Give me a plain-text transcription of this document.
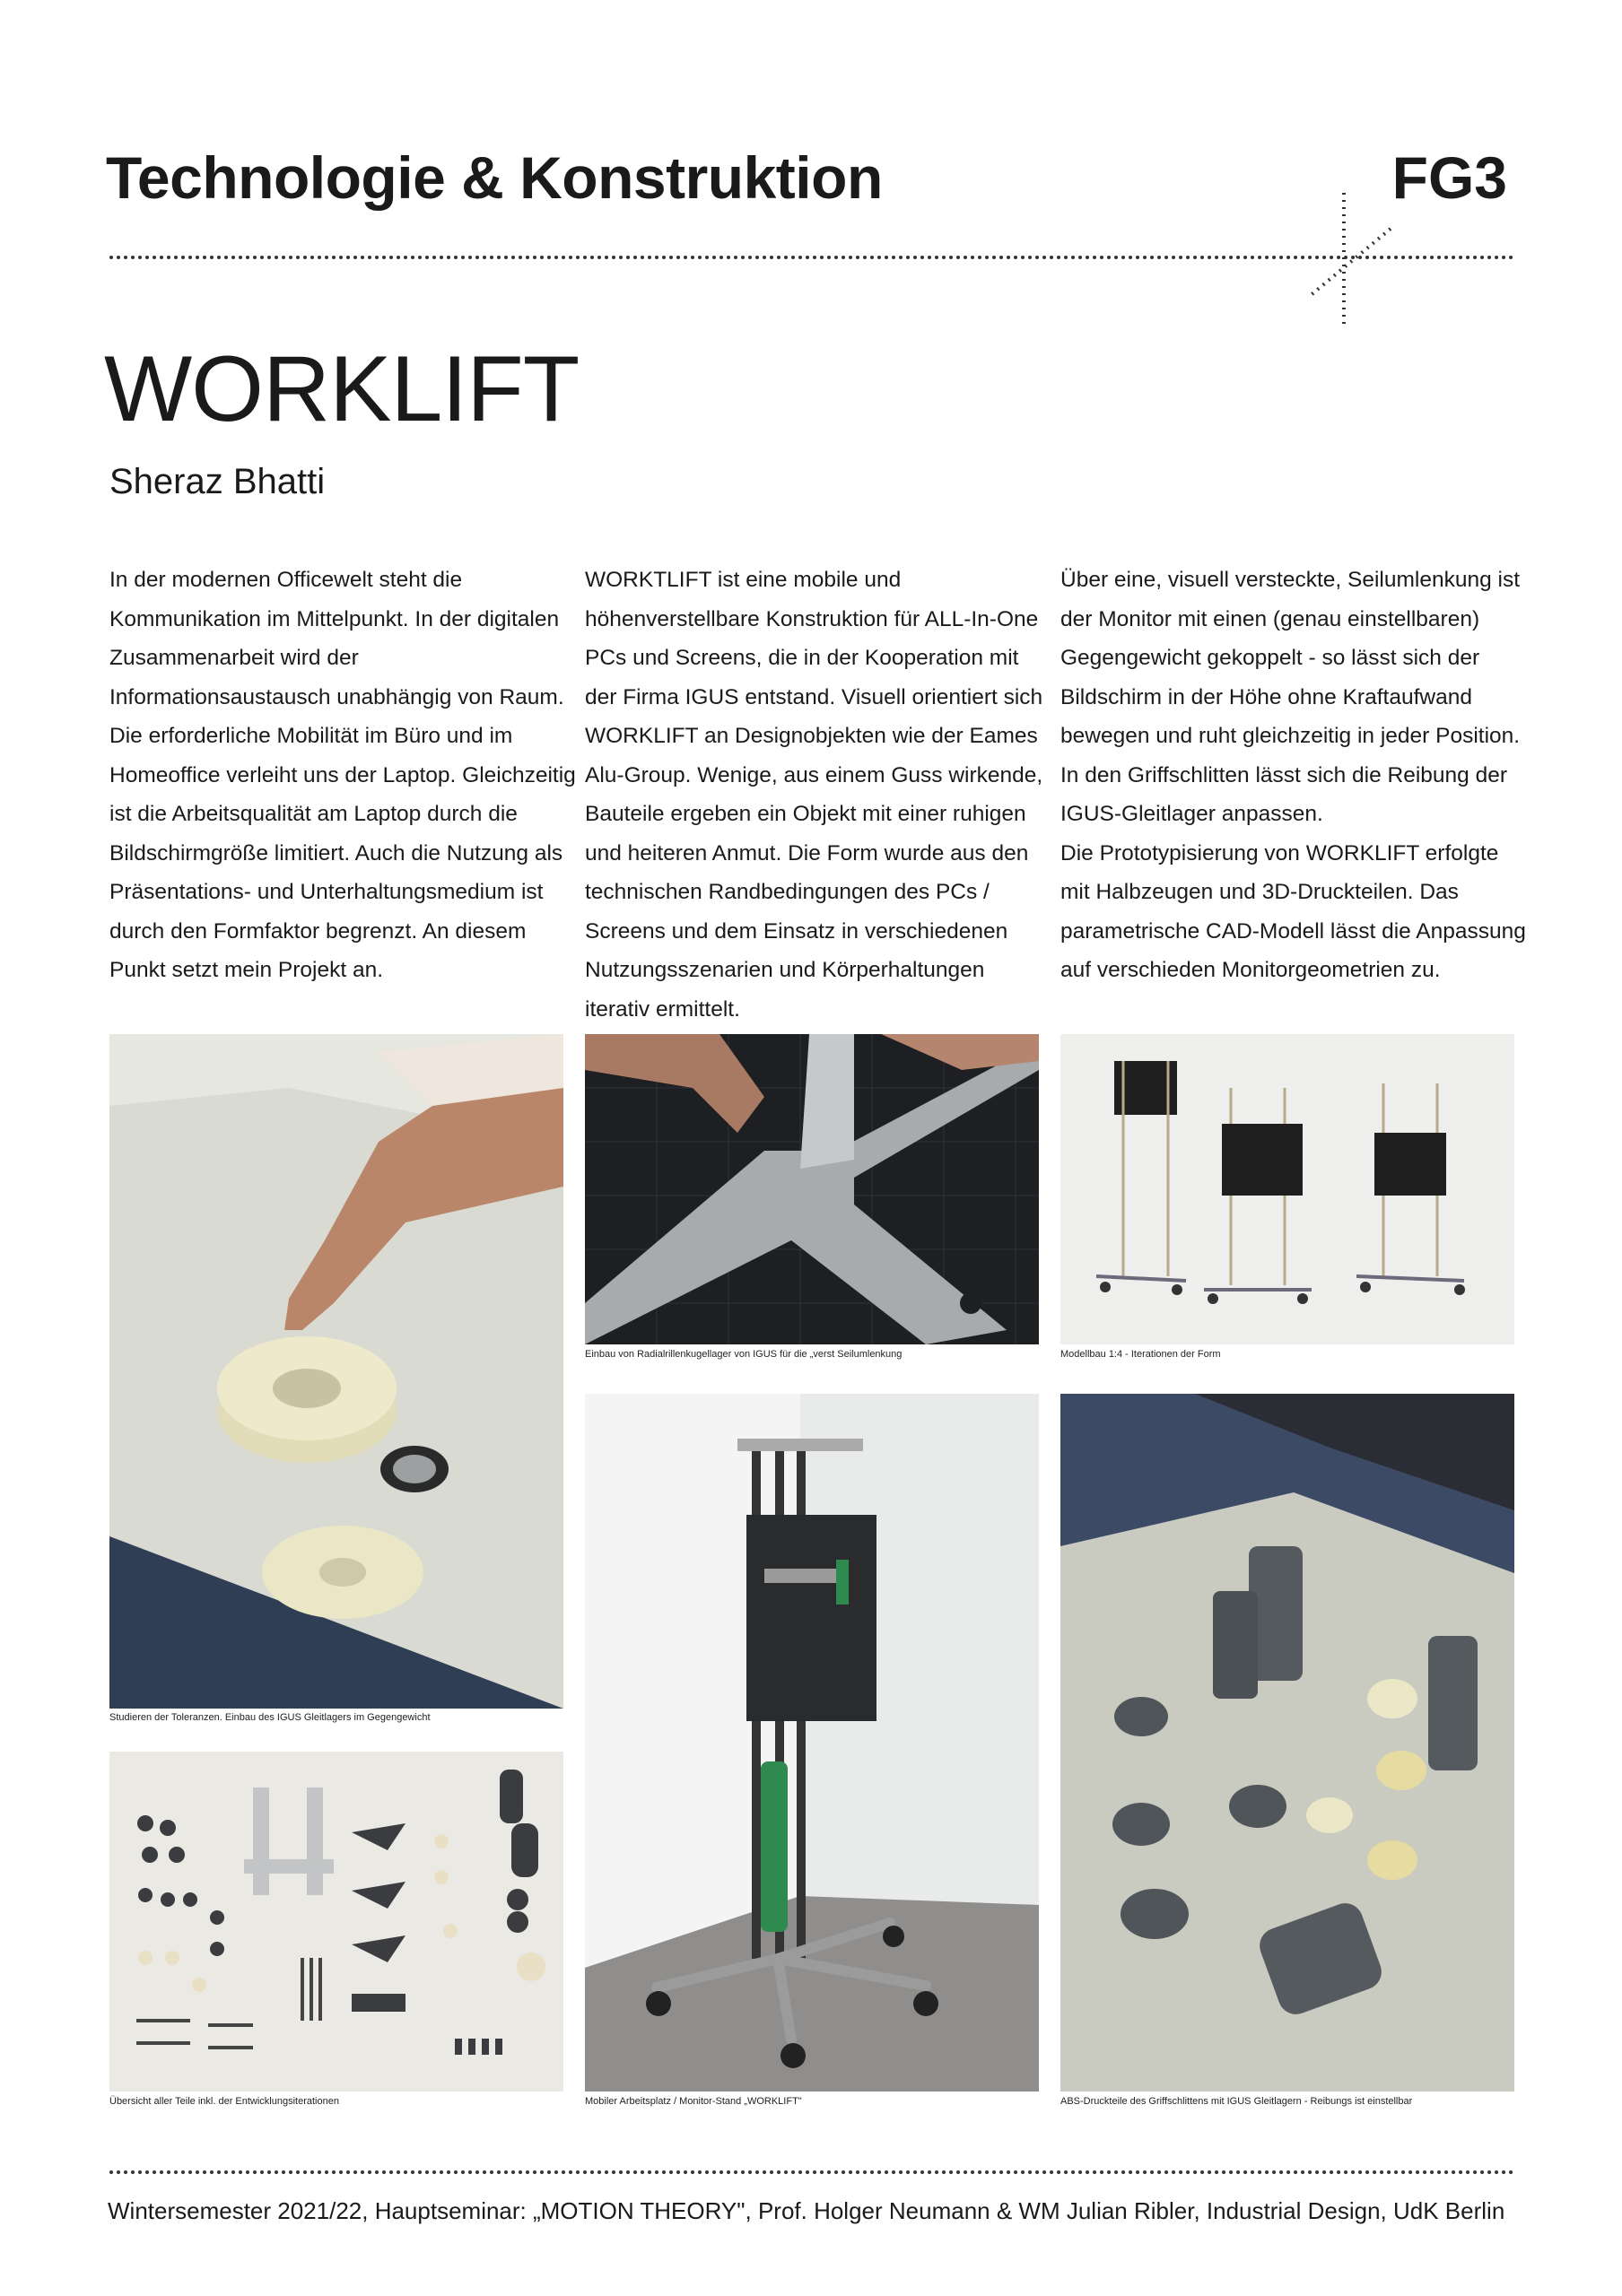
Technologie & Konstruktion	FG3
WORKLIFT
Sheraz Bhatti
In der modernen Officewelt steht die Kommunikation im Mittelpunkt. In der digitalen Zusammenarbeit wird der Informationsaustausch unabhängig von Raum. Die erforderliche Mobilität im Büro und im Homeoffice verleiht uns der Laptop. Gleichzeitig ist die Arbeitsqualität am Laptop durch die Bildschirmgröße limitiert. Auch die Nutzung als Präsentations- und Unterhaltungsmedium ist durch den Formfaktor begrenzt. An diesem Punkt setzt mein Projekt an.
WORKTLIFT ist eine mobile und höhenverstellbare Konstruktion für ALL-In-One PCs und Screens, die in der Kooperation mit der Firma IGUS entstand. Visuell orientiert sich WORKLIFT an Designobjekten wie der Eames Alu-Group. Wenige, aus einem Guss wirkende, Bauteile ergeben ein Objekt mit einer ruhigen und heiteren Anmut. Die Form wurde aus den technischen Randbedingungen des PCs / Screens und dem Einsatz in verschiedenen Nutzungsszenarien und Körperhaltungen iterativ ermittelt.
Über eine, visuell versteckte, Seilumlenkung ist der Monitor mit einen (genau einstellbaren) Gegengewicht gekoppelt - so lässt sich der Bildschirm in der Höhe ohne Kraftaufwand bewegen und ruht gleichzeitig in jeder Position. In den Griffschlitten lässt sich die Reibung der IGUS-Gleitlager anpassen.
Die Prototypisierung von WORKLIFT erfolgte mit Halbzeugen und 3D-Druckteilen. Das parametrische CAD-Modell lässt die Anpassung auf verschieden Monitorgeometrien zu.
Studieren der Toleranzen. Einbau des IGUS Gleitlagers im Gegengewicht
Einbau von Radialrillenkugellager von IGUS für die „verst Seilumlenkung	Modellbau 1:4 - Iterationen der Form
Mobiler Arbeitsplatz / Monitor-Stand „WORKLIFT"	ABS-Druckteile des Griffschlittens mit IGUS Gleitlagern - Reibungs ist einstellbar
Übersicht aller Teile inkl. der Entwicklungsiterationen
Wintersemester 2021/22, Hauptseminar: „MOTION THEORY", Prof. Holger Neumann & WM Julian Ribler, Industrial Design, UdK Berlin
